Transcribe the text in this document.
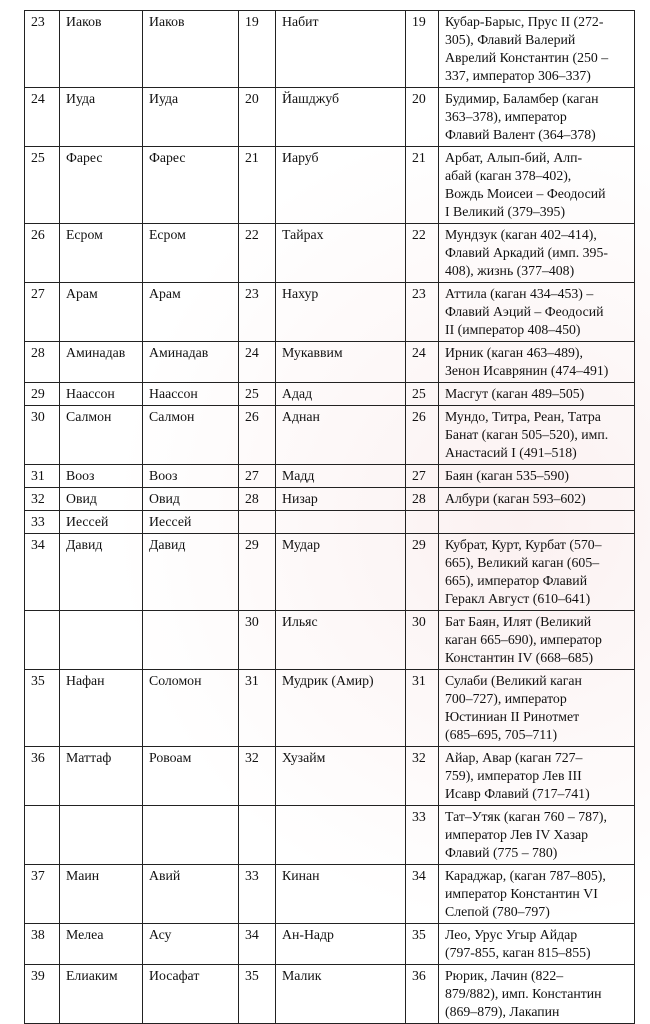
23	Иаков	Иаков	19	Набит	19	Кубар-Барыс, Прус II (272-
305), Флавий Валерий
Аврелий Константин (250 –
337, император 306–337)
24	Иуда	Иуда	20	Йашджуб	20	Будимир, Баламбер (каган
363–378), император
Флавий Валент (364–378)
25	Фарес	Фарес	21	Иаруб	21	Арбат, Алып-бий, Алп-
абай (каган 378–402),
Вождь Моисеи – Феодосий
I Великий (379–395)
26	Есром	Есром	22	Тайрах	22	Мундзук (каган 402–414),
Флавий Аркадий (имп. 395-
408), жизнь (377–408)
27	Арам	Арам	23	Нахур	23	Аттила (каган 434–453) –
Флавий Аэций – Феодосий
II (император 408–450)
28	Аминадав	Аминадав	24	Мукаввим	24	Ирник (каган 463–489),
Зенон Исаврянин (474–491)
29	Наассон	Наассон	25	Адад	25	Масгут (каган 489–505)
30	Салмон	Салмон	26	Аднан	26	Мундо, Титра, Реан, Татра
Банат (каган 505–520), имп.
Анастасий I (491–518)
31	Вооз	Вооз	27	Мадд	27	Баян (каган 535–590)
32	Овид	Овид	28	Низар	28	Албури (каган 593–602)
33	Иессей	Иессей				
34	Давид	Давид	29	Мудар	29	Кубрат, Курт, Курбат (570–
665), Великий каган (605–
665), император Флавий
Геракл Август (610–641)
			30	Ильяс	30	Бат Баян, Илят (Великий
каган 665–690), император
Константин IV (668–685)
35	Нафан	Соломон	31	Мудрик (Амир)	31	Сулаби (Великий каган
700–727), император
Юстиниан II Ринотмет
(685–695, 705–711)
36	Маттаф	Ровоам	32	Хузайм	32	Айар, Авар (каган 727–
759), император Лев III
Исавр Флавий (717–741)
					33	Тат–Утяк (каган 760 – 787),
император Лев IV Хазар
Флавий (775 – 780)
37	Маин	Авий	33	Кинан	34	Караджар, (каган 787–805),
император Константин VI
Слепой (780–797)
38	Мелеа	Асу	34	Ан-Надр	35	Лео, Урус Угыр Айдар
(797-855, каган 815–855)
39	Елиаким	Иосафат	35	Малик	36	Рюрик, Лачин (822–
879/882), имп. Константин
(869–879), Лакапин
